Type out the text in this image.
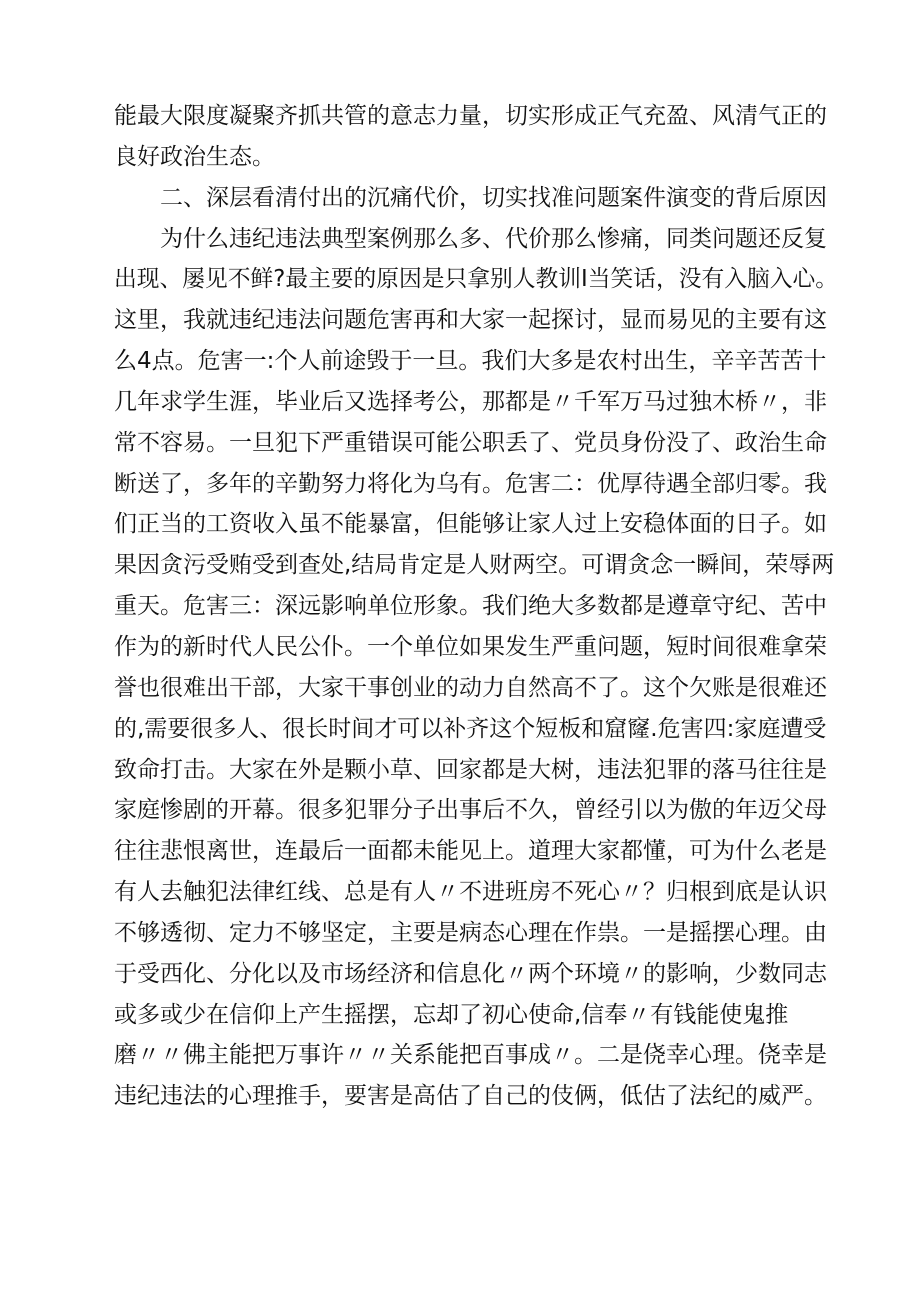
能最大限度凝聚齐抓共管的意志力量，切实形成正气充盈、风清气正的
良好政治生态。
　　二、深层看清付出的沉痛代价，切实找准问题案件演变的背后原因
　　为什么违纪违法典型案例那么多、代价那么惨痛，同类问题还反复
出现、屡见不鲜?最主要的原因是只拿别人教训I当笑话，没有入脑入心。
这里，我就违纪违法问题危害再和大家一起探讨，显而易见的主要有这
么4点。危害一:个人前途毁于一旦。我们大多是农村出生，辛辛苦苦十
几年求学生涯，毕业后又选择考公，那都是〃千军万马过独木桥〃，非
常不容易。一旦犯下严重错误可能公职丢了、党员身份没了、政治生命
断送了，多年的辛勤努力将化为乌有。危害二：优厚待遇全部归零。我
们正当的工资收入虽不能暴富，但能够让家人过上安稳体面的日子。如
果因贪污受贿受到查处,结局肯定是人财两空。可谓贪念一瞬间，荣辱两
重天。危害三：深远影响单位形象。我们绝大多数都是遵章守纪、苦中
作为的新时代人民公仆。一个单位如果发生严重问题，短时间很难拿荣
誉也很难出干部，大家干事创业的动力自然高不了。这个欠账是很难还
的,需要很多人、很长时间才可以补齐这个短板和窟窿.危害四:家庭遭受
致命打击。大家在外是颗小草、回家都是大树，违法犯罪的落马往往是
家庭惨剧的开幕。很多犯罪分子出事后不久，曾经引以为傲的年迈父母
往往悲恨离世，连最后一面都未能见上。道理大家都懂，可为什么老是
有人去触犯法律红线、总是有人〃不进班房不死心〃？归根到底是认识
不够透彻、定力不够坚定，主要是病态心理在作祟。一是摇摆心理。由
于受西化、分化以及市场经济和信息化〃两个环境〃的影响，少数同志
或多或少在信仰上产生摇摆，忘却了初心使命,信奉〃有钱能使鬼推
磨〃〃佛主能把万事许〃〃关系能把百事成〃。二是侥幸心理。侥幸是
违纪违法的心理推手，要害是高估了自己的伎俩，低估了法纪的威严。
